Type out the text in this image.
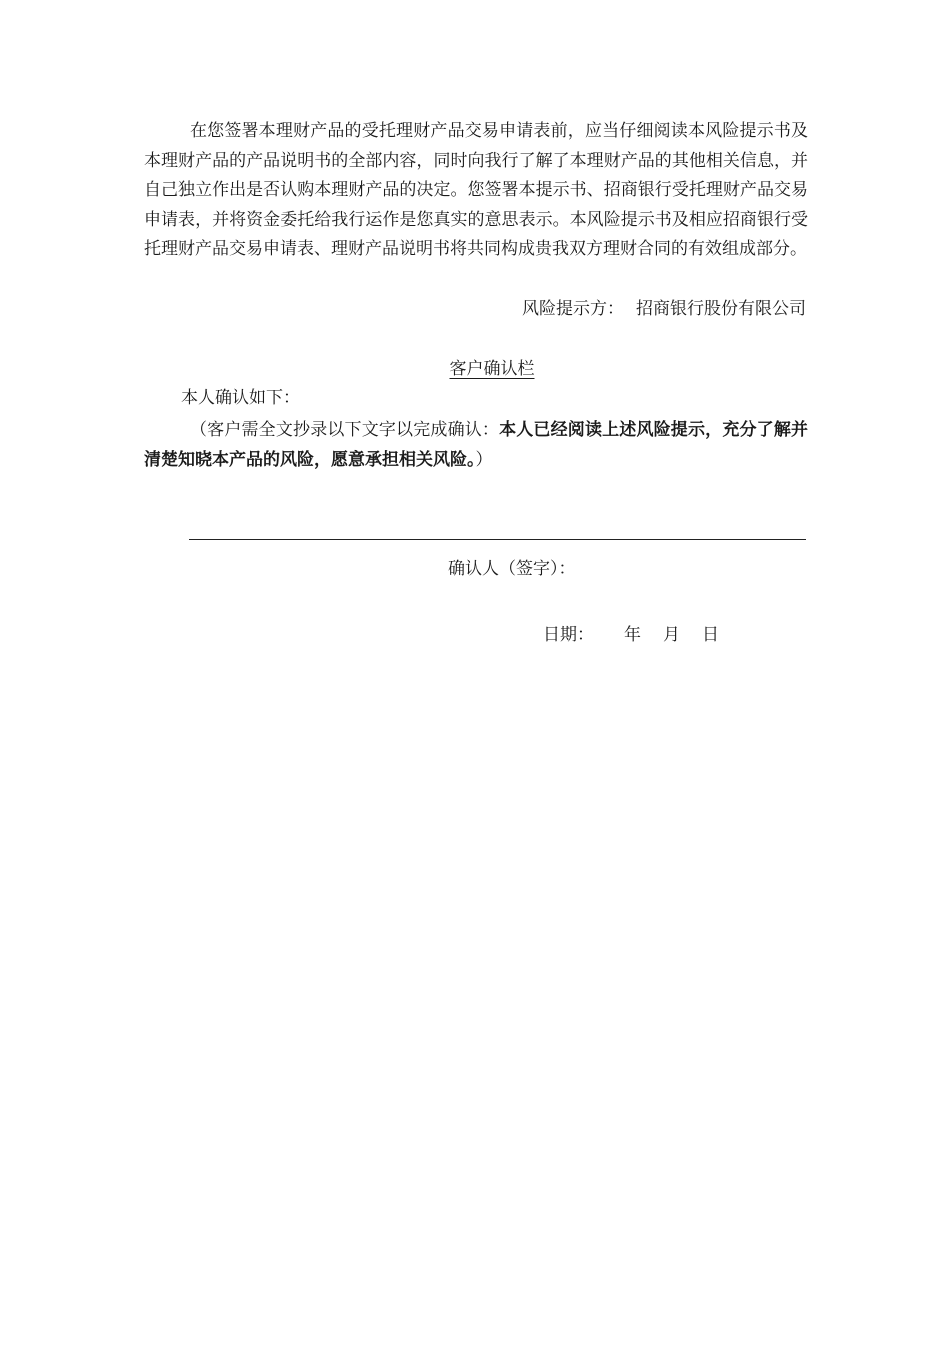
在您签署本理财产品的受托理财产品交易申请表前，应当仔细阅读本风险提示书及本理财产品的产品说明书的全部内容，同时向我行了解了本理财产品的其他相关信息，并自己独立作出是否认购本理财产品的决定。您签署本提示书、招商银行受托理财产品交易申请表，并将资金委托给我行运作是您真实的意思表示。本风险提示书及相应招商银行受托理财产品交易申请表、理财产品说明书将共同构成贵我双方理财合同的有效组成部分。

风险提示方： 招商银行股份有限公司
客户确认栏
本人确认如下：

（客户需全文抄录以下文字以完成确认：本人已经阅读上述风险提示，充分了解并清楚知晓本产品的风险，愿意承担相关风险。）

确认人（签字）：
日期： 年 月 日
